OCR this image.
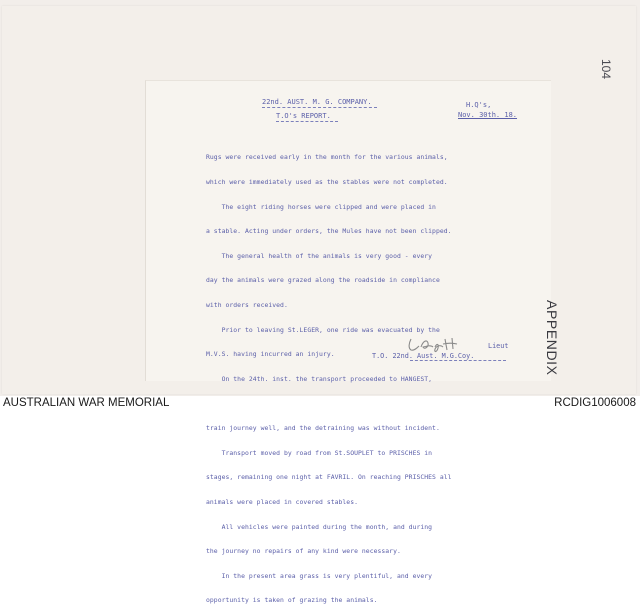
104
22nd. AUST. M. G. COMPANY.
T.O's REPORT.
H.Q's,
Nov. 30th. 18.

Rugs were received early in the month for the various animals,

which were immediately used as the stables were not completed.

The eight riding horses were clipped and were placed in

a stable. Acting under orders, the Mules have not been clipped.

The general health of the animals is very good - every

day the animals were grazed along the roadside in compliance

with orders received.

Prior to leaving St.LEGER, one ride was evacuated by the

M.V.S. having incurred an injury.

On the 24th. inst. the transport proceeded to HANGEST,

train journey well, and the detraining was without incident.

Transport moved by road from St.SOUPLET to PRISCHES in

stages, remaining one night at FAVRIL. On reaching PRISCHES all

animals were placed in covered stables.

All vehicles were painted during the month, and during

the journey no repairs of any kind were necessary.

In the present area grass is very plentiful, and every

opportunity is taken of grazing the animals.

Lieut
T.O. 22nd. Aust. M.G.Coy.	APPENDIX
AUSTRALIAN WAR MEMORIAL	RCDIG1006008
